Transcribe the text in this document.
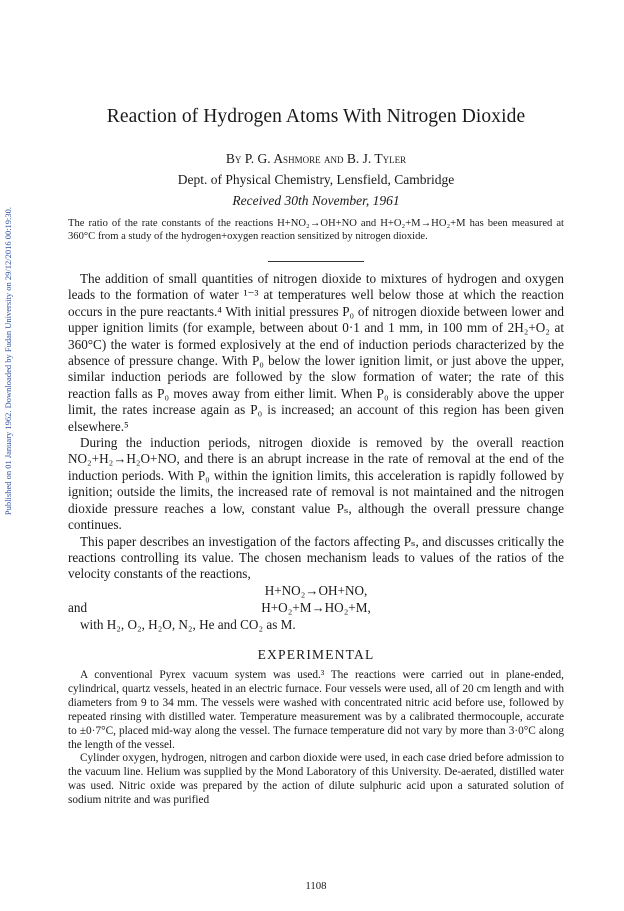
Published on 01 January 1962. Downloaded by Fudan University on 29/12/2016 00:19:30.
Reaction of Hydrogen Atoms With Nitrogen Dioxide
By P. G. Ashmore and B. J. Tyler
Dept. of Physical Chemistry, Lensfield, Cambridge
Received 30th November, 1961
The ratio of the rate constants of the reactions H+NO₂→OH+NO and H+O₂+M→HO₂+M has been measured at 360°C from a study of the hydrogen+oxygen reaction sensitized by nitrogen dioxide.

The addition of small quantities of nitrogen dioxide to mixtures of hydrogen and oxygen leads to the formation of water ¹⁻³ at temperatures well below those at which the reaction occurs in the pure reactants.⁴ With initial pressures P₀ of nitrogen dioxide between lower and upper ignition limits (for example, between about 0·1 and 1 mm, in 100 mm of 2H₂+O₂ at 360°C) the water is formed explosively at the end of induction periods characterized by the absence of pressure change. With P₀ below the lower ignition limit, or just above the upper, similar induction periods are followed by the slow formation of water; the rate of this reaction falls as P₀ moves away from either limit. When P₀ is considerably above the upper limit, the rates increase again as P₀ is increased; an account of this region has been given elsewhere.⁵

During the induction periods, nitrogen dioxide is removed by the overall reaction NO₂+H₂→H₂O+NO, and there is an abrupt increase in the rate of removal at the end of the induction periods. With P₀ within the ignition limits, this acceleration is rapidly followed by ignition; outside the limits, the increased rate of removal is not maintained and the nitrogen dioxide pressure reaches a low, constant value Pₛ, although the overall pressure change continues.

This paper describes an investigation of the factors affecting Pₛ, and discusses critically the reactions controlling its value. The chosen mechanism leads to values of the ratios of the velocity constants of the reactions,

H+NO₂→OH+NO,
and	H+O₂+M→HO₂+M,

with H₂, O₂, H₂O, N₂, He and CO₂ as M.

EXPERIMENTAL

A conventional Pyrex vacuum system was used.³ The reactions were carried out in plane-ended, cylindrical, quartz vessels, heated in an electric furnace. Four vessels were used, all of 20 cm length and with diameters from 9 to 34 mm. The vessels were washed with concentrated nitric acid before use, followed by repeated rinsing with distilled water. Temperature measurement was by a calibrated thermocouple, accurate to ±0·7°C, placed mid-way along the vessel. The furnace temperature did not vary by more than 3·0°C along the length of the vessel.

Cylinder oxygen, hydrogen, nitrogen and carbon dioxide were used, in each case dried before admission to the vacuum line. Helium was supplied by the Mond Laboratory of this University. De-aerated, distilled water was used. Nitric oxide was prepared by the action of dilute sulphuric acid upon a saturated solution of sodium nitrite and was purified

1108
